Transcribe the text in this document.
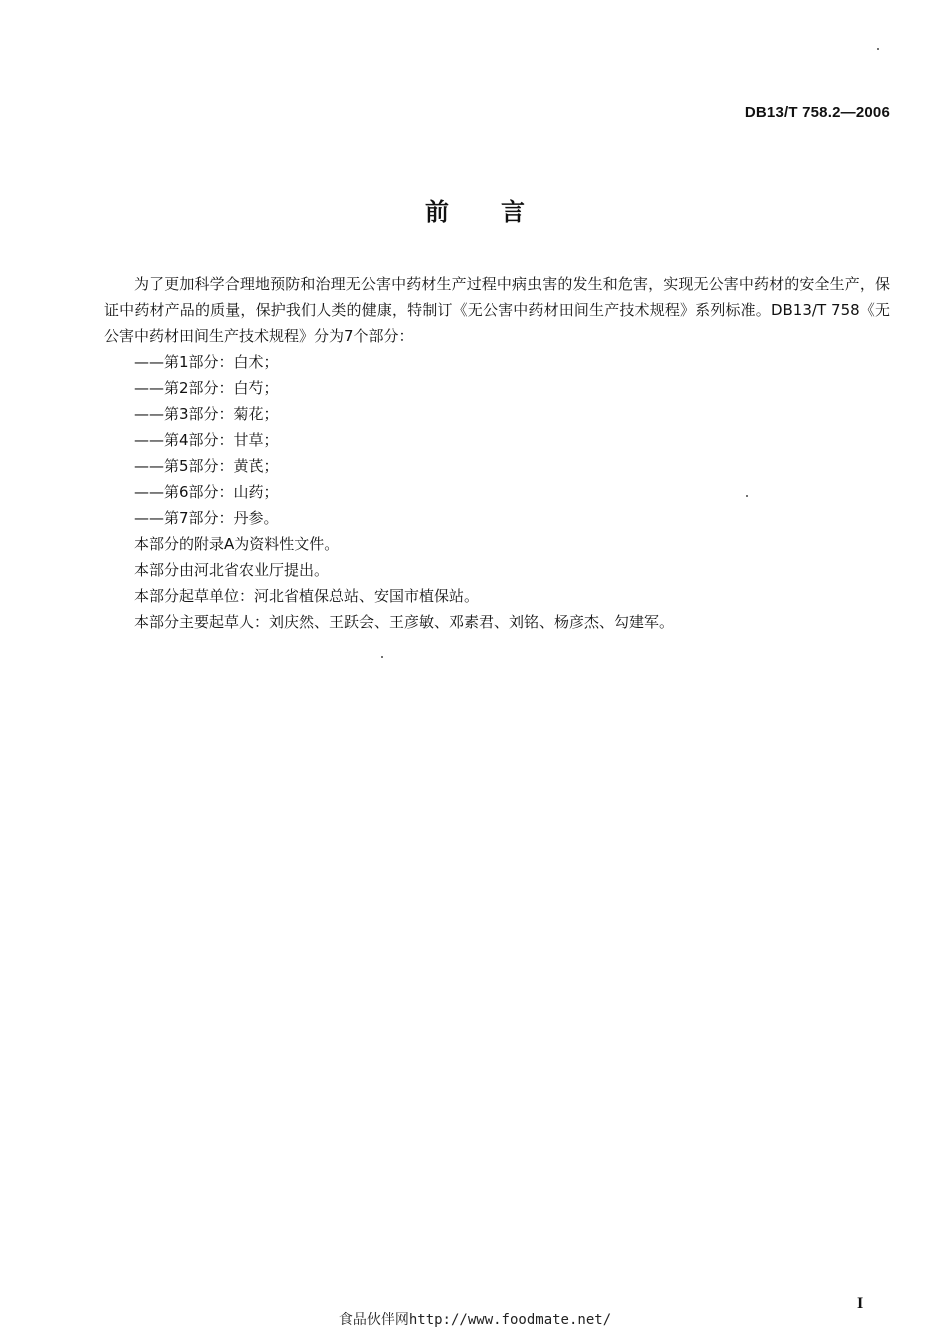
DB13/T 758.2—2006
前言

为了更加科学合理地预防和治理无公害中药材生产过程中病虫害的发生和危害，实现无公害中药材的安全生产，保证中药材产品的质量，保护我们人类的健康，特制订《无公害中药材田间生产技术规程》系列标准。DB13/T 758《无公害中药材田间生产技术规程》分为7个部分：

——第1部分：白术；

——第2部分：白芍；

——第3部分：菊花；

——第4部分：甘草；

——第5部分：黄芪；

——第6部分：山药；

——第7部分：丹参。

本部分的附录A为资料性文件。

本部分由河北省农业厅提出。

本部分起草单位：河北省植保总站、安国市植保站。

本部分主要起草人：刘庆然、王跃会、王彦敏、邓素君、刘铭、杨彦杰、勾建军。

I
食品伙伴网http://www.foodmate.net/
